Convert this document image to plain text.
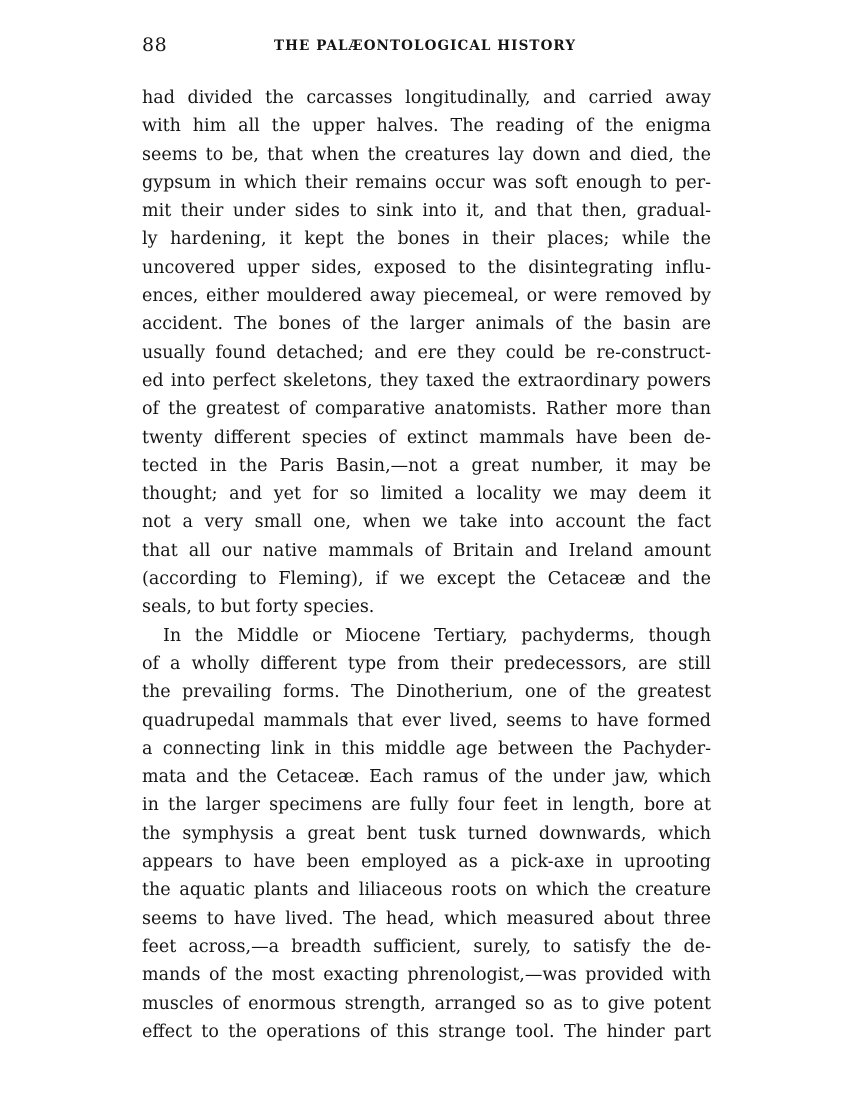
88	THE PALÆONTOLOGICAL HISTORY
had divided the carcasses longitudinally, and carried away
with him all the upper halves. The reading of the enigma
seems to be, that when the creatures lay down and died, the
gypsum in which their remains occur was soft enough to per-
mit their under sides to sink into it, and that then, gradual-
ly hardening, it kept the bones in their places; while the
uncovered upper sides, exposed to the disintegrating influ-
ences, either mouldered away piecemeal, or were removed by
accident. The bones of the larger animals of the basin are
usually found detached; and ere they could be re-construct-
ed into perfect skeletons, they taxed the extraordinary powers
of the greatest of comparative anatomists. Rather more than
twenty different species of extinct mammals have been de-
tected in the Paris Basin,—not a great number, it may be
thought; and yet for so limited a locality we may deem it
not a very small one, when we take into account the fact
that all our native mammals of Britain and Ireland amount
(according to Fleming), if we except the Cetaceæ and the
seals, to but forty species.
In the Middle or Miocene Tertiary, pachyderms, though
of a wholly different type from their predecessors, are still
the prevailing forms. The Dinotherium, one of the greatest
quadrupedal mammals that ever lived, seems to have formed
a connecting link in this middle age between the Pachyder-
mata and the Cetaceæ. Each ramus of the under jaw, which
in the larger specimens are fully four feet in length, bore at
the symphysis a great bent tusk turned downwards, which
appears to have been employed as a pick-axe in uprooting
the aquatic plants and liliaceous roots on which the creature
seems to have lived. The head, which measured about three
feet across,—a breadth sufficient, surely, to satisfy the de-
mands of the most exacting phrenologist,—was provided with
muscles of enormous strength, arranged so as to give potent
effect to the operations of this strange tool. The hinder part
